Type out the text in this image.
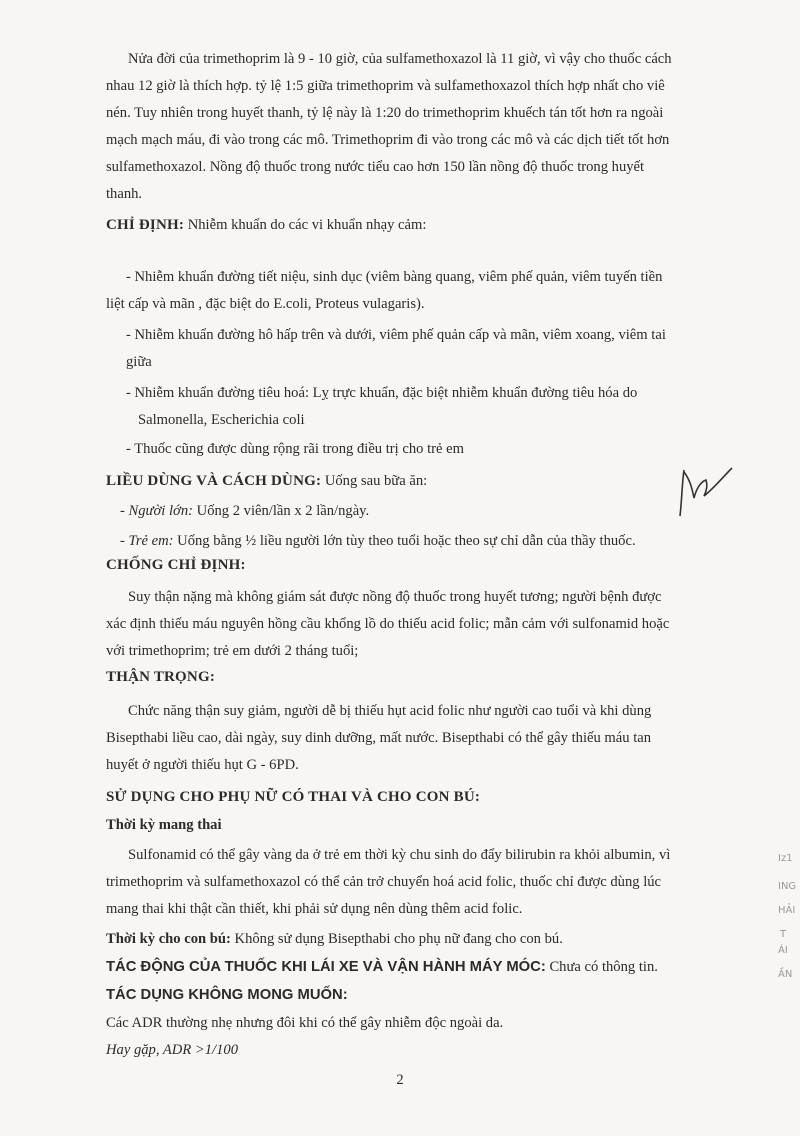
Nửa đời của trimethoprim là 9 - 10 giờ, của sulfamethoxazol là 11 giờ, vì vậy cho thuốc cách
nhau 12 giờ là thích hợp. tỷ lệ 1:5 giữa trimethoprim và sulfamethoxazol thích hợp nhất cho viê
nén. Tuy nhiên trong huyết thanh, tỷ lệ này là 1:20 do trimethoprim khuếch tán tốt hơn ra ngoài
mạch mạch máu, đi vào trong các mô. Trimethoprim đi vào trong các mô và các dịch tiết tốt hơn
sulfamethoxazol. Nồng độ thuốc trong nước tiểu cao hơn 150 lần nồng độ thuốc trong huyết
thanh.
CHỈ ĐỊNH: Nhiễm khuẩn do các vi khuẩn nhạy cảm:
- Nhiễm khuẩn đường tiết niệu, sinh dục (viêm bàng quang, viêm phế quản, viêm tuyến tiền
liệt cấp và mãn , đặc biệt do E.coli, Proteus vulagaris).
- Nhiễm khuẩn đường hô hấp trên và dưới, viêm phế quản cấp và mãn, viêm xoang, viêm tai
giữa
- Nhiễm khuẩn đường tiêu hoá: Lỵ trực khuẩn, đặc biệt nhiễm khuẩn đường tiêu hóa do
Salmonella, Escherichia coli
- Thuốc cũng được dùng rộng rãi trong điều trị cho trẻ em
LIỀU DÙNG VÀ CÁCH DÙNG: Uống sau bữa ăn:
- Người lớn: Uống 2 viên/lần x 2 lần/ngày.
- Trẻ em: Uống bằng ½ liều người lớn tùy theo tuổi hoặc theo sự chỉ dẫn của thầy thuốc.
CHỐNG CHỈ ĐỊNH:
Suy thận nặng mà không giám sát được nồng độ thuốc trong huyết tương; người bệnh được
xác định thiếu máu nguyên hồng cầu khổng lồ do thiếu acid folic; mẫn cảm với sulfonamid hoặc
với trimethoprim; trẻ em dưới 2 tháng tuổi;
THẬN TRỌNG:
Chức năng thận suy giảm, người dễ bị thiếu hụt acid folic như người cao tuổi và khi dùng
Bisepthabi liều cao, dài ngày, suy dinh dưỡng, mất nước. Bisepthabi có thể gây thiếu máu tan
huyết ở người thiếu hụt G - 6PD.
SỬ DỤNG CHO PHỤ NỮ CÓ THAI VÀ CHO CON BÚ:
Thời kỳ mang thai
Sulfonamid có thể gây vàng da ở trẻ em thời kỳ chu sinh do đẩy bilirubin ra khỏi albumin, vì
trimethoprim và sulfamethoxazol có thể cản trở chuyển hoá acid folic, thuốc chỉ được dùng lúc
mang thai khi thật cần thiết, khi phải sử dụng nên dùng thêm acid folic.
Thời kỳ cho con bú: Không sử dụng Bisepthabi cho phụ nữ đang cho con bú.
TÁC ĐỘNG CỦA THUỐC KHI LÁI XE VÀ VẬN HÀNH MÁY MÓC: Chưa có thông tin.
TÁC DỤNG KHÔNG MONG MUỐN:
Các ADR thường nhẹ nhưng đôi khi có thể gây nhiễm độc ngoài da.
Hay gặp, ADR >1/100
2
Iz1
ING
HẢI
T
ÁI
ẦN
